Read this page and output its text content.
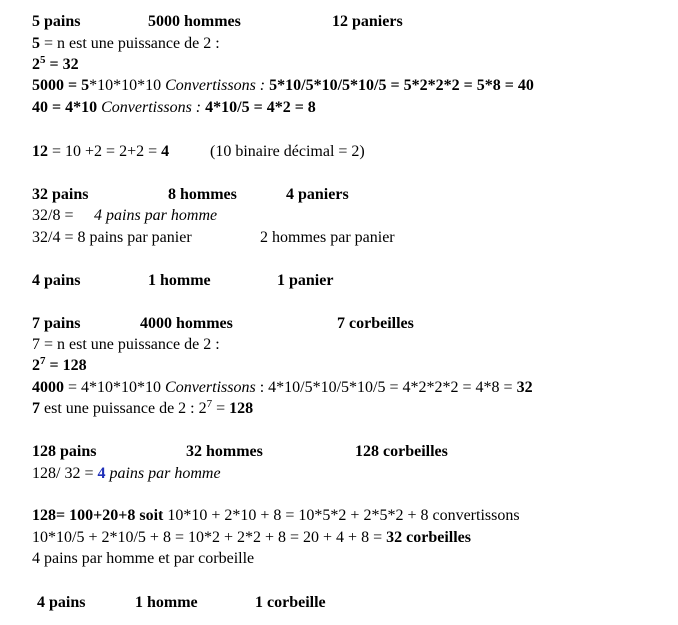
5 pains	5000 hommes	12 paniers
5 = n est une puissance de 2 :
$2^5 = 32$
5000 = 5*10*10*10 Convertissons : 5*10/5*10/5*10/5 = 5*2*2*2 = 5*8 = 40
40 = 4*10 Convertissons : 4*10/5 = 4*2 = 8
12 = 10 +2 = 2+2 = 4	(10 binaire décimal = 2)
32 pains	8 hommes	4 paniers
32/8 = 4 pains par homme
32/4 = 8 pains par panier	2 hommes par panier
4 pains	1 homme	1 panier
7 pains	4000 hommes	7 corbeilles
7 = n est une puissance de 2 :
$2^7 = 128$
4000 = 4*10*10*10 Convertissons : 4*10/5*10/5*10/5 = 4*2*2*2 = 4*8 = 32
7 est une puissance de 2 : $2^7 = 128$
128 pains	32 hommes	128 corbeilles
128/ 32 = 4 pains par homme
128= 100+20+8 soit 10*10 + 2*10 + 8 = 10*5*2 + 2*5*2 + 8 convertissons
10*10/5 + 2*10/5 + 8 = 10*2 + 2*2 + 8 = 20 + 4 + 8 = 32 corbeilles
4 pains par homme et par corbeille
4 pains	1 homme	1 corbeille
